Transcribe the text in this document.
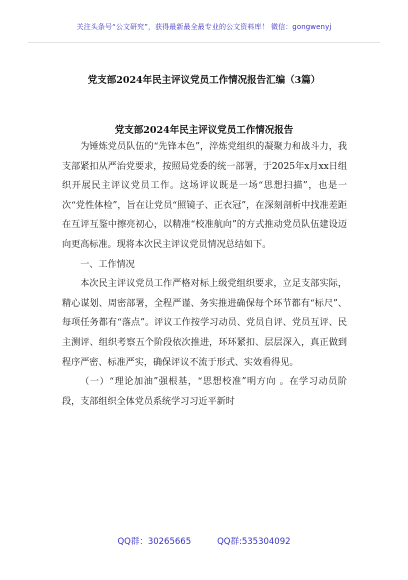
关注头条号“公文研究”，获得最新最全最专业的公文资料库！ 微信：gongwenyj
党支部2024年民主评议党员工作情况报告汇编（3篇）
党支部2024年民主评议党员工作情况报告

为锤炼党员队伍的“先锋本色”，淬炼党组织的凝聚力和战斗力，我支部紧扣从严治党要求，按照局党委的统一部署，于2025年x月xx日组织开展民主评议党员工作。这场评议既是一场“思想扫描”，也是一次“党性体检”，旨在让党员“照镜子、正衣冠”，在深刻剖析中找准差距在互评互鉴中擦亮初心，以精准“校准航向”的方式推动党员队伍建设迈向更高标准。现将本次民主评议党员情况总结如下。

一、工作情况

本次民主评议党员工作严格对标上级党组织要求，立足支部实际，精心谋划、周密部署，全程严谨、务实推进确保每个环节都有“标尺”、每项任务都有“落点”。评议工作按学习动员、党员自评、党员互评、民主测评、组织考察五个阶段依次推进，环环紧扣、层层深入，真正做到程序严密、标准严实，确保评议不流于形式、实效看得见。

（一）“理论加油”强根基，“思想校准”明方向 。在学习动员阶段，支部组织全体党员系统学习习近平新时

QQ群：30265665	QQ群:535304092
